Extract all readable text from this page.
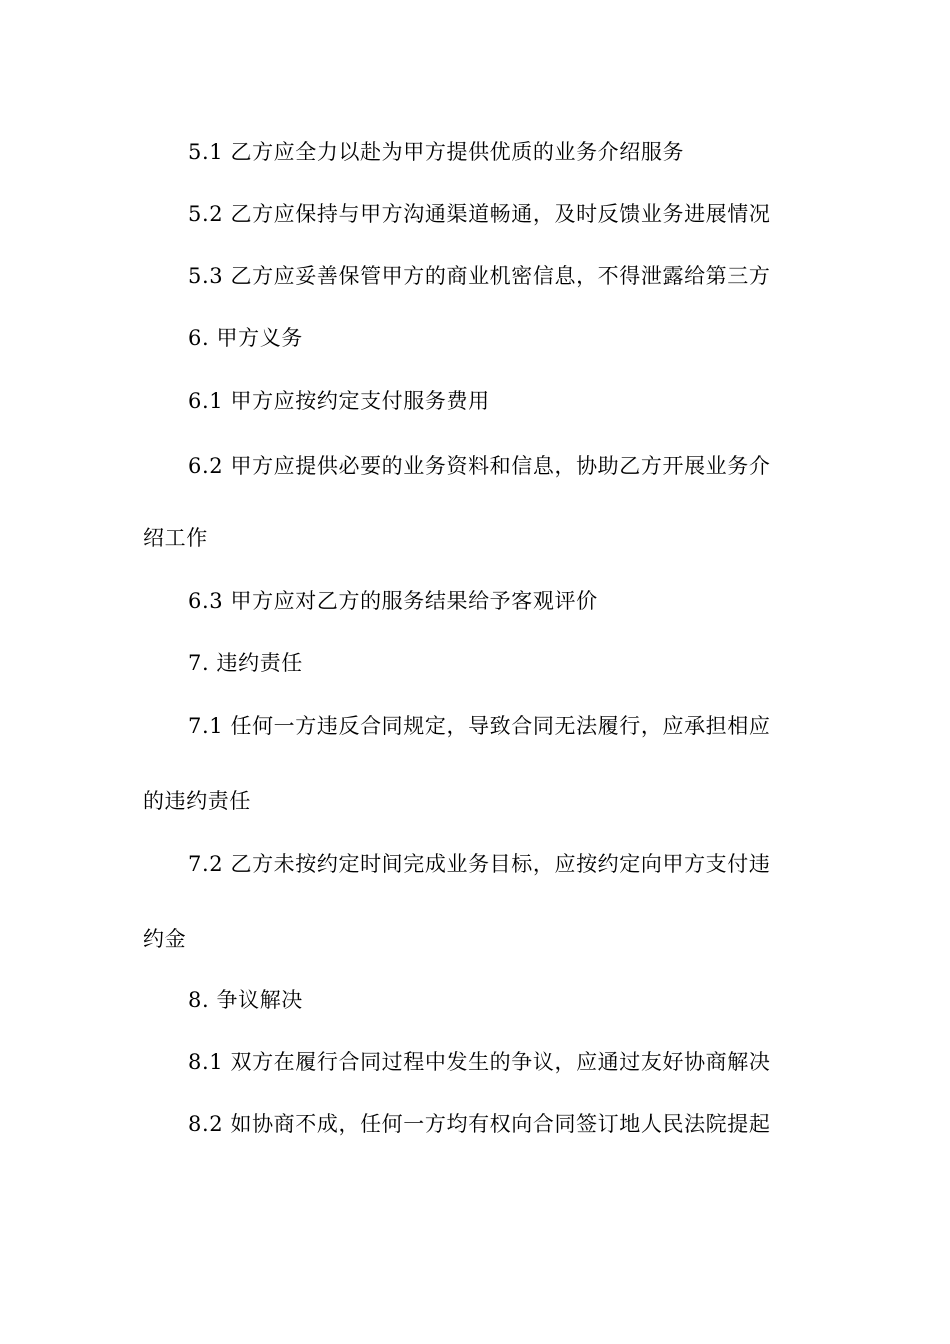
5.1 乙方应全力以赴为甲方提供优质的业务介绍服务
5.2 乙方应保持与甲方沟通渠道畅通，及时反馈业务进展情况
5.3 乙方应妥善保管甲方的商业机密信息，不得泄露给第三方
6. 甲方义务
6.1 甲方应按约定支付服务费用
6.2 甲方应提供必要的业务资料和信息，协助乙方开展业务介
绍工作
6.3 甲方应对乙方的服务结果给予客观评价
7. 违约责任
7.1 任何一方违反合同规定，导致合同无法履行，应承担相应
的违约责任
7.2 乙方未按约定时间完成业务目标，应按约定向甲方支付违
约金
8. 争议解决
8.1 双方在履行合同过程中发生的争议，应通过友好协商解决
8.2 如协商不成，任何一方均有权向合同签订地人民法院提起
